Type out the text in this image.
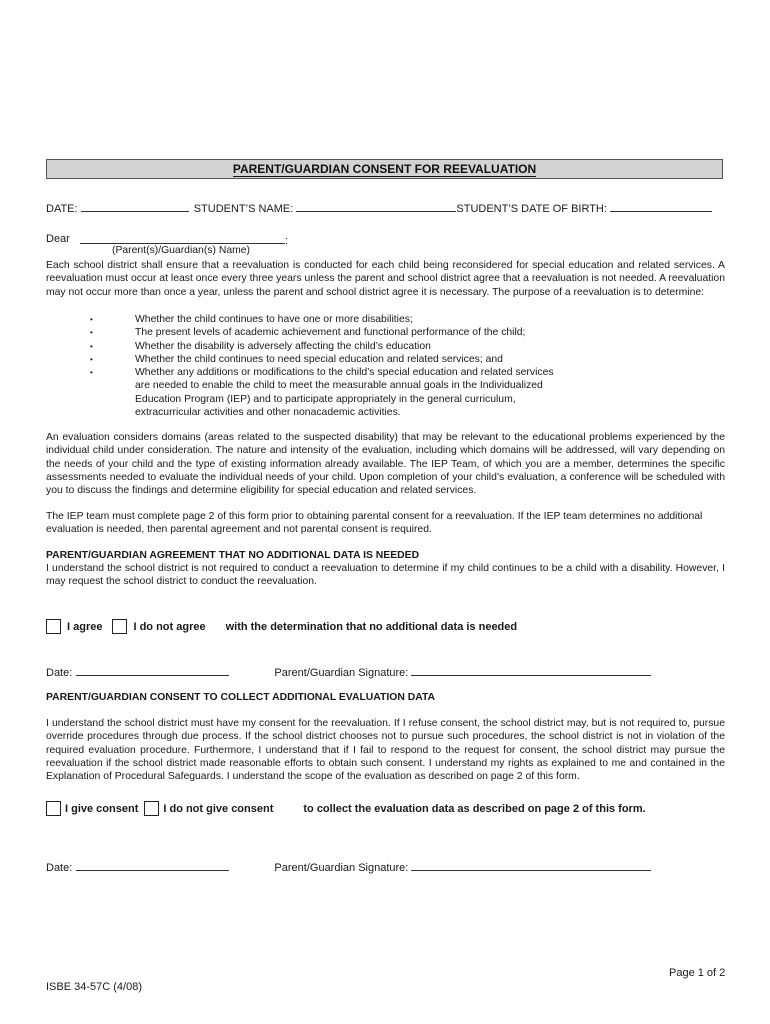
PARENT/GUARDIAN CONSENT FOR REEVALUATION
DATE:	STUDENT’S NAME:	STUDENT’S DATE OF BIRTH:
Dear	:
(Parent(s)/Guardian(s) Name)
Each school district shall ensure that a reevaluation is conducted for each child being reconsidered for special education and related services. A reevaluation must occur at least once every three years unless the parent and school district agree that a reevaluation is not needed. A reevaluation may not occur more than once a year, unless the parent and school district agree it is necessary. The purpose of a reevaluation is to determine:
•	Whether the child continues to have one or more disabilities;
•	The present levels of academic achievement and functional performance of the child;
•	Whether the disability is adversely affecting the child’s education
•	Whether the child continues to need special education and related services; and
•	Whether any additions or modifications to the child’s special education and related services are needed to enable the child to meet the measurable annual goals in the Individualized Education Program (IEP) and to participate appropriately in the general curriculum, extracurricular activities and other nonacademic activities.
An evaluation considers domains (areas related to the suspected disability) that may be relevant to the educational problems experienced by the individual child under consideration. The nature and intensity of the evaluation, including which domains will be addressed, will vary depending on the needs of your child and the type of existing information already available. The IEP Team, of which you are a member, determines the specific assessments needed to evaluate the individual needs of your child. Upon completion of your child’s evaluation, a conference will be scheduled with you to discuss the findings and determine eligibility for special education and related services.
The IEP team must complete page 2 of this form prior to obtaining parental consent for a reevaluation. If the IEP team determines no additional evaluation is needed, then parental agreement and not parental consent is required.
PARENT/GUARDIAN AGREEMENT THAT NO ADDITIONAL DATA IS NEEDED
I understand the school district is not required to conduct a reevaluation to determine if my child continues to be a child with a disability. However, I may request the school district to conduct the reevaluation.
I agree	I do not agree with the determination that no additional data is needed
Date:	Parent/Guardian Signature:
PARENT/GUARDIAN CONSENT TO COLLECT ADDITIONAL EVALUATION DATA
I understand the school district must have my consent for the reevaluation. If I refuse consent, the school district may, but is not required to, pursue override procedures through due process. If the school district chooses not to pursue such procedures, the school district is not in violation of the required evaluation procedure. Furthermore, I understand that if I fail to respond to the request for consent, the school district may pursue the reevaluation if the school district made reasonable efforts to obtain such consent. I understand my rights as explained to me and contained in the Explanation of Procedural Safeguards. I understand the scope of the evaluation as described on page 2 of this form.
I give consent I do not give consent	to collect the evaluation data as described on page 2 of this form.
Date:	Parent/Guardian Signature:
Page 1 of 2
ISBE 34-57C (4/08)
